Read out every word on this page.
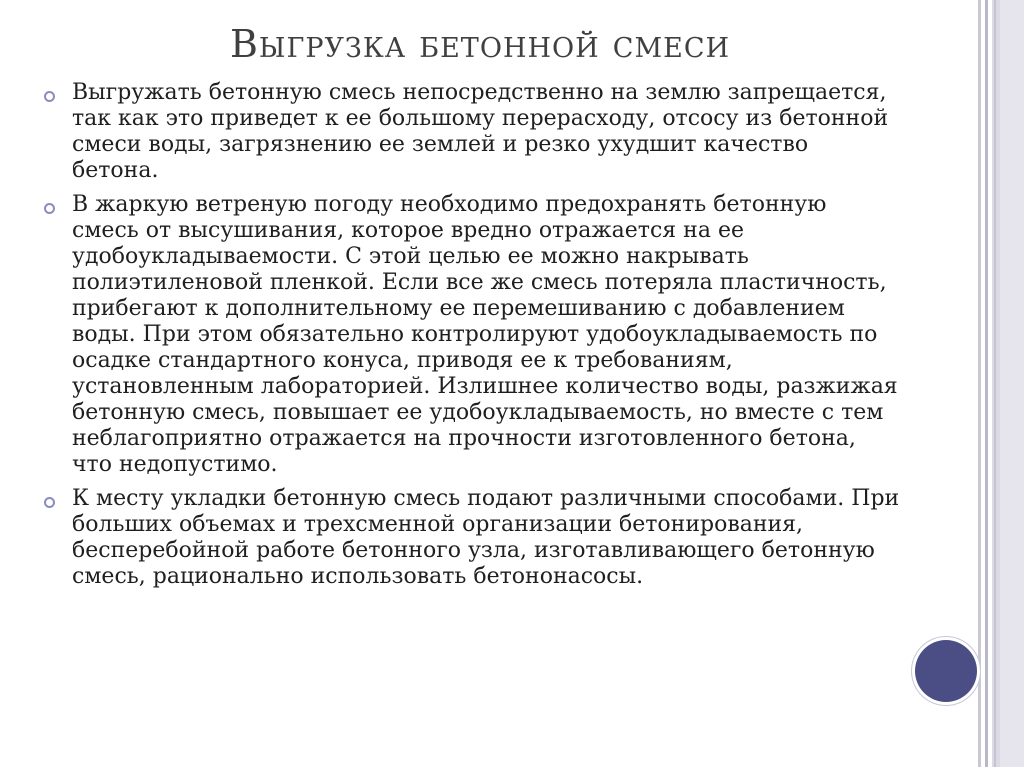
Выгрузка бетонной смеси
Выгружать бетонную смесь непосредственно на землю запрещается, так как это приведет к ее большому перерасходу, отсосу из бетонной смеси воды, загрязнению ее землей и резко ухудшит качество бетона.
В жаркую ветреную погоду необходимо предохранять бетонную смесь от высушивания, которое вредно отражается на ее удобоукладываемости. С этой целью ее можно накрывать полиэтиленовой пленкой. Если все же смесь потеряла пластичность, прибегают к дополнительному ее перемешиванию с добавлением воды. При этом обязательно контролируют удобоукладываемость по осадке стандартного конуса, приводя ее к требованиям, установленным лабораторией. Излишнее количество воды, разжижая бетонную смесь, повышает ее удобоукладываемость, но вместе с тем неблагоприятно отражается на прочности изготовленного бетона, что недопустимо.
К месту укладки бетонную смесь подают различными способами. При больших объемах и трехсменной организации бетонирования, бесперебойной работе бетонного узла, изготавливающего бетонную смесь, рационально использовать бетононасосы.
